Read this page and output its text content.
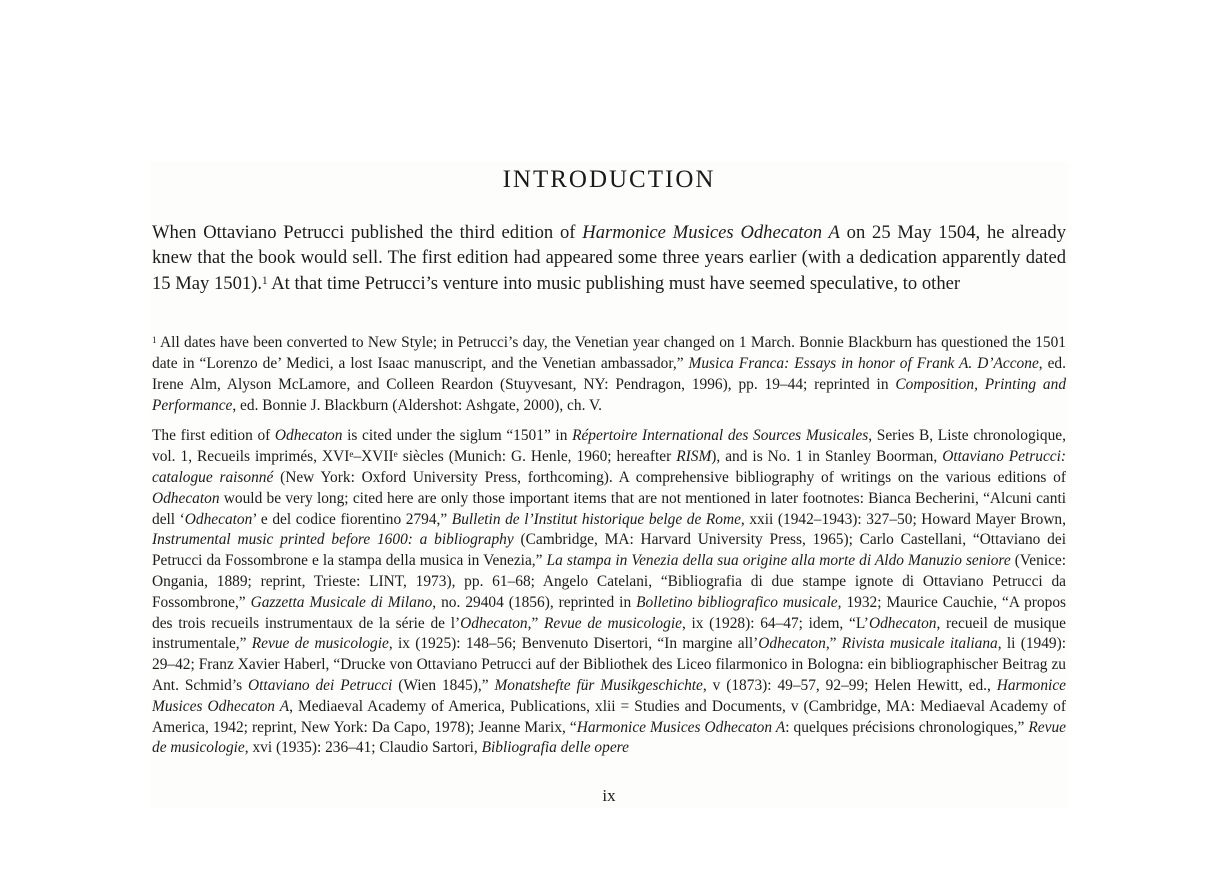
INTRODUCTION

When Ottaviano Petrucci published the third edition of Harmonice Musices Odhecaton A on 25 May 1504, he already knew that the book would sell. The first edition had appeared some three years earlier (with a dedication apparently dated 15 May 1501).$^1$ At that time Petrucci’s venture into music publishing must have seemed speculative, to other

$^1$ All dates have been converted to New Style; in Petrucci’s day, the Venetian year changed on 1 March. Bonnie Blackburn has questioned the 1501 date in “Lorenzo de’ Medici, a lost Isaac manuscript, and the Venetian ambassador,” Musica Franca: Essays in honor of Frank A. D’Accone, ed. Irene Alm, Alyson McLamore, and Colleen Reardon (Stuyvesant, NY: Pendragon, 1996), pp. 19–44; reprinted in Composition, Printing and Performance, ed. Bonnie J. Blackburn (Aldershot: Ashgate, 2000), ch. V.

The first edition of Odhecaton is cited under the siglum “1501” in Répertoire International des Sources Musicales, Series B, Liste chronologique, vol. 1, Recueils imprimés, XVIe–XVIIe siècles (Munich: G. Henle, 1960; hereafter RISM), and is No. 1 in Stanley Boorman, Ottaviano Petrucci: catalogue raisonné (New York: Oxford University Press, forthcoming). A comprehensive bibliography of writings on the various editions of Odhecaton would be very long; cited here are only those important items that are not mentioned in later footnotes: Bianca Becherini, “Alcuni canti dell ‘Odhecaton’ e del codice fiorentino 2794,” Bulletin de l’Institut historique belge de Rome, xxii (1942–1943): 327–50; Howard Mayer Brown, Instrumental music printed before 1600: a bibliography (Cambridge, MA: Harvard University Press, 1965); Carlo Castellani, “Ottaviano dei Petrucci da Fossombrone e la stampa della musica in Venezia,” La stampa in Venezia della sua origine alla morte di Aldo Manuzio seniore (Venice: Ongania, 1889; reprint, Trieste: LINT, 1973), pp. 61–68; Angelo Catelani, “Bibliografia di due stampe ignote di Ottaviano Petrucci da Fossombrone,” Gazzetta Musicale di Milano, no. 29404 (1856), reprinted in Bolletino bibliografico musicale, 1932; Maurice Cauchie, “A propos des trois recueils instrumentaux de la série de l’Odhecaton,” Revue de musicologie, ix (1928): 64–47; idem, “L’Odhecaton, recueil de musique instrumentale,” Revue de musicologie, ix (1925): 148–56; Benvenuto Disertori, “In margine all’Odhecaton,” Rivista musicale italiana, li (1949): 29–42; Franz Xavier Haberl, “Drucke von Ottaviano Petrucci auf der Bibliothek des Liceo filarmonico in Bologna: ein bibliographischer Beitrag zu Ant. Schmid’s Ottaviano dei Petrucci (Wien 1845),” Monatshefte für Musikgeschichte, v (1873): 49–57, 92–99; Helen Hewitt, ed., Harmonice Musices Odhecaton A, Mediaeval Academy of America, Publications, xlii = Studies and Documents, v (Cambridge, MA: Mediaeval Academy of America, 1942; reprint, New York: Da Capo, 1978); Jeanne Marix, “Harmonice Musices Odhecaton A: quelques précisions chronologiques,” Revue de musicologie, xvi (1935): 236–41; Claudio Sartori, Bibliografia delle opere

ix
